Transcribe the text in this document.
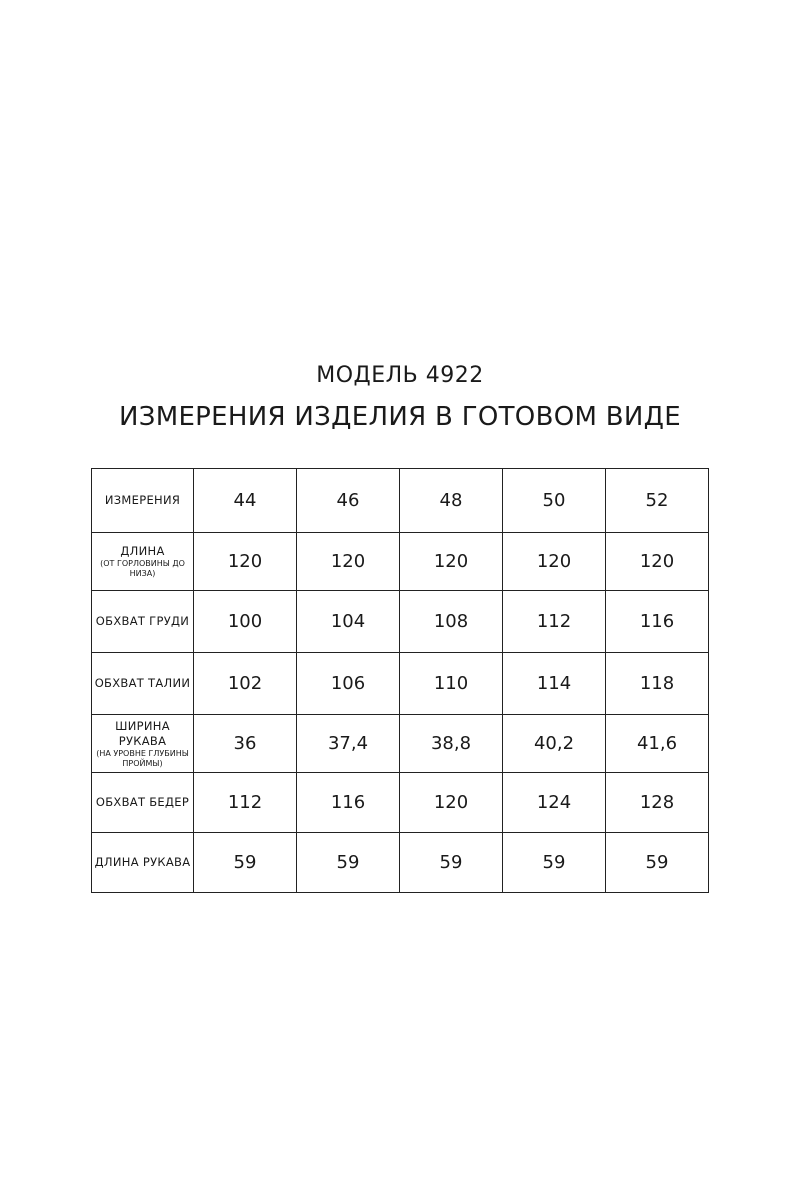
МОДЕЛЬ 4922
ИЗМЕРЕНИЯ ИЗДЕЛИЯ В ГОТОВОМ ВИДЕ
ИЗМЕРЕНИЯ	44	46	48	50	52

ДЛИНА
(ОТ ГОРЛОВИНЫ ДО НИЗА)	120	120	120	120	120

ОБХВАТ ГРУДИ	100	104	108	112	116

ОБХВАТ ТАЛИИ	102	106	110	114	118

ШИРИНА РУКАВА
(НА УРОВНЕ ГЛУБИНЫ ПРОЙМЫ)	36	37,4	38,8	40,2	41,6

ОБХВАТ БЕДЕР	112	116	120	124	128

ДЛИНА РУКАВА	59	59	59	59	59
